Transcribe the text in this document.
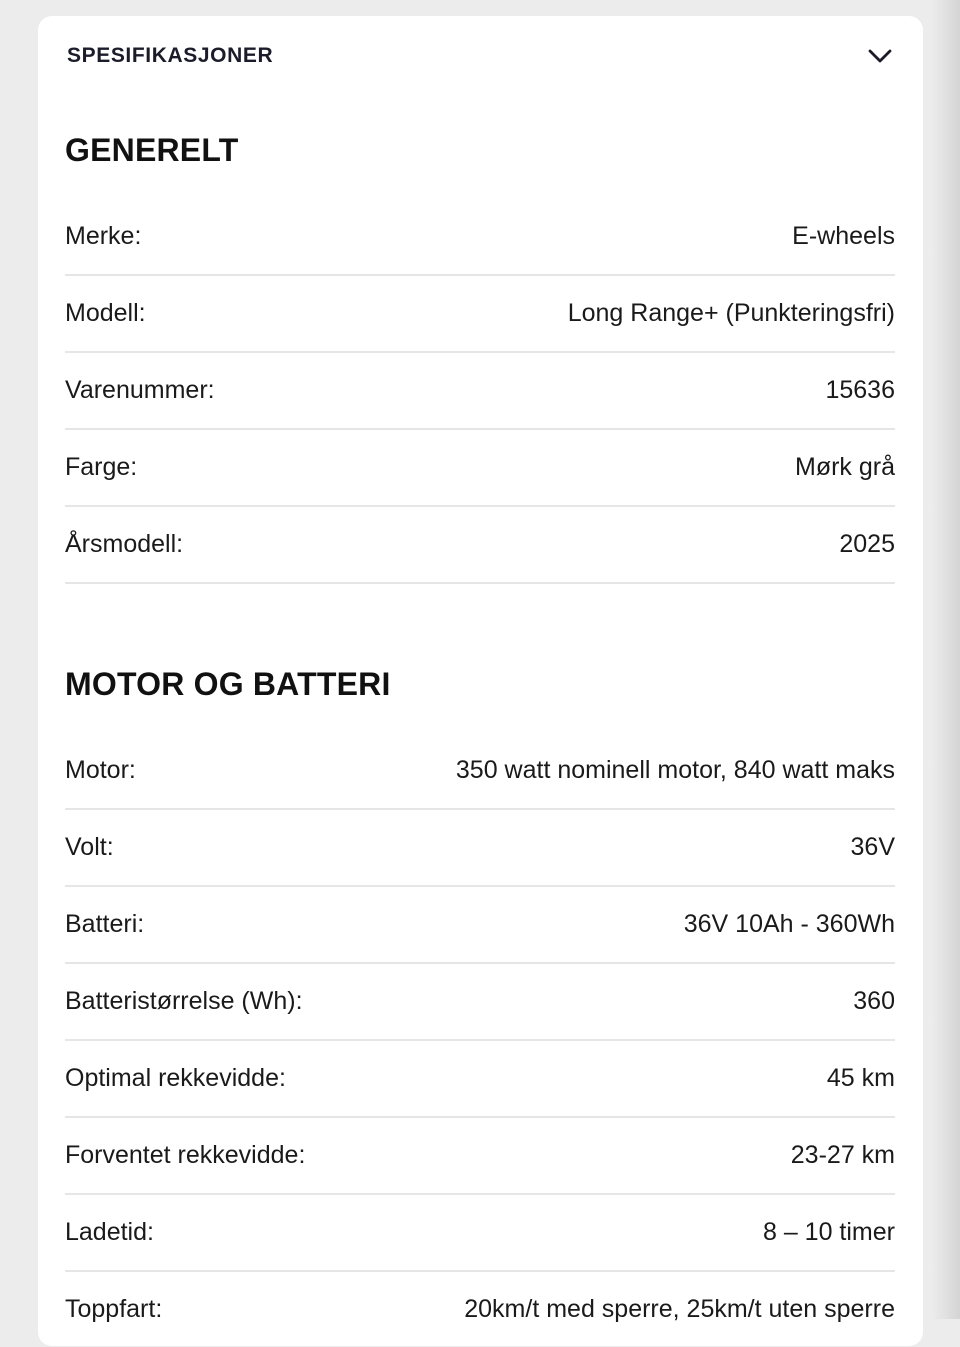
SPESIFIKASJONER
GENERELT
Merke:	E-wheels
Modell:	Long Range+ (Punkteringsfri)
Varenummer:	15636
Farge:	Mørk grå
Årsmodell:	2025
MOTOR OG BATTERI
Motor:	350 watt nominell motor, 840 watt maks
Volt:	36V
Batteri:	36V 10Ah - 360Wh
Batteristørrelse (Wh):	360
Optimal rekkevidde:	45 km
Forventet rekkevidde:	23-27 km
Ladetid:	8 – 10 timer
Toppfart:	20km/t med sperre, 25km/t uten sperre
